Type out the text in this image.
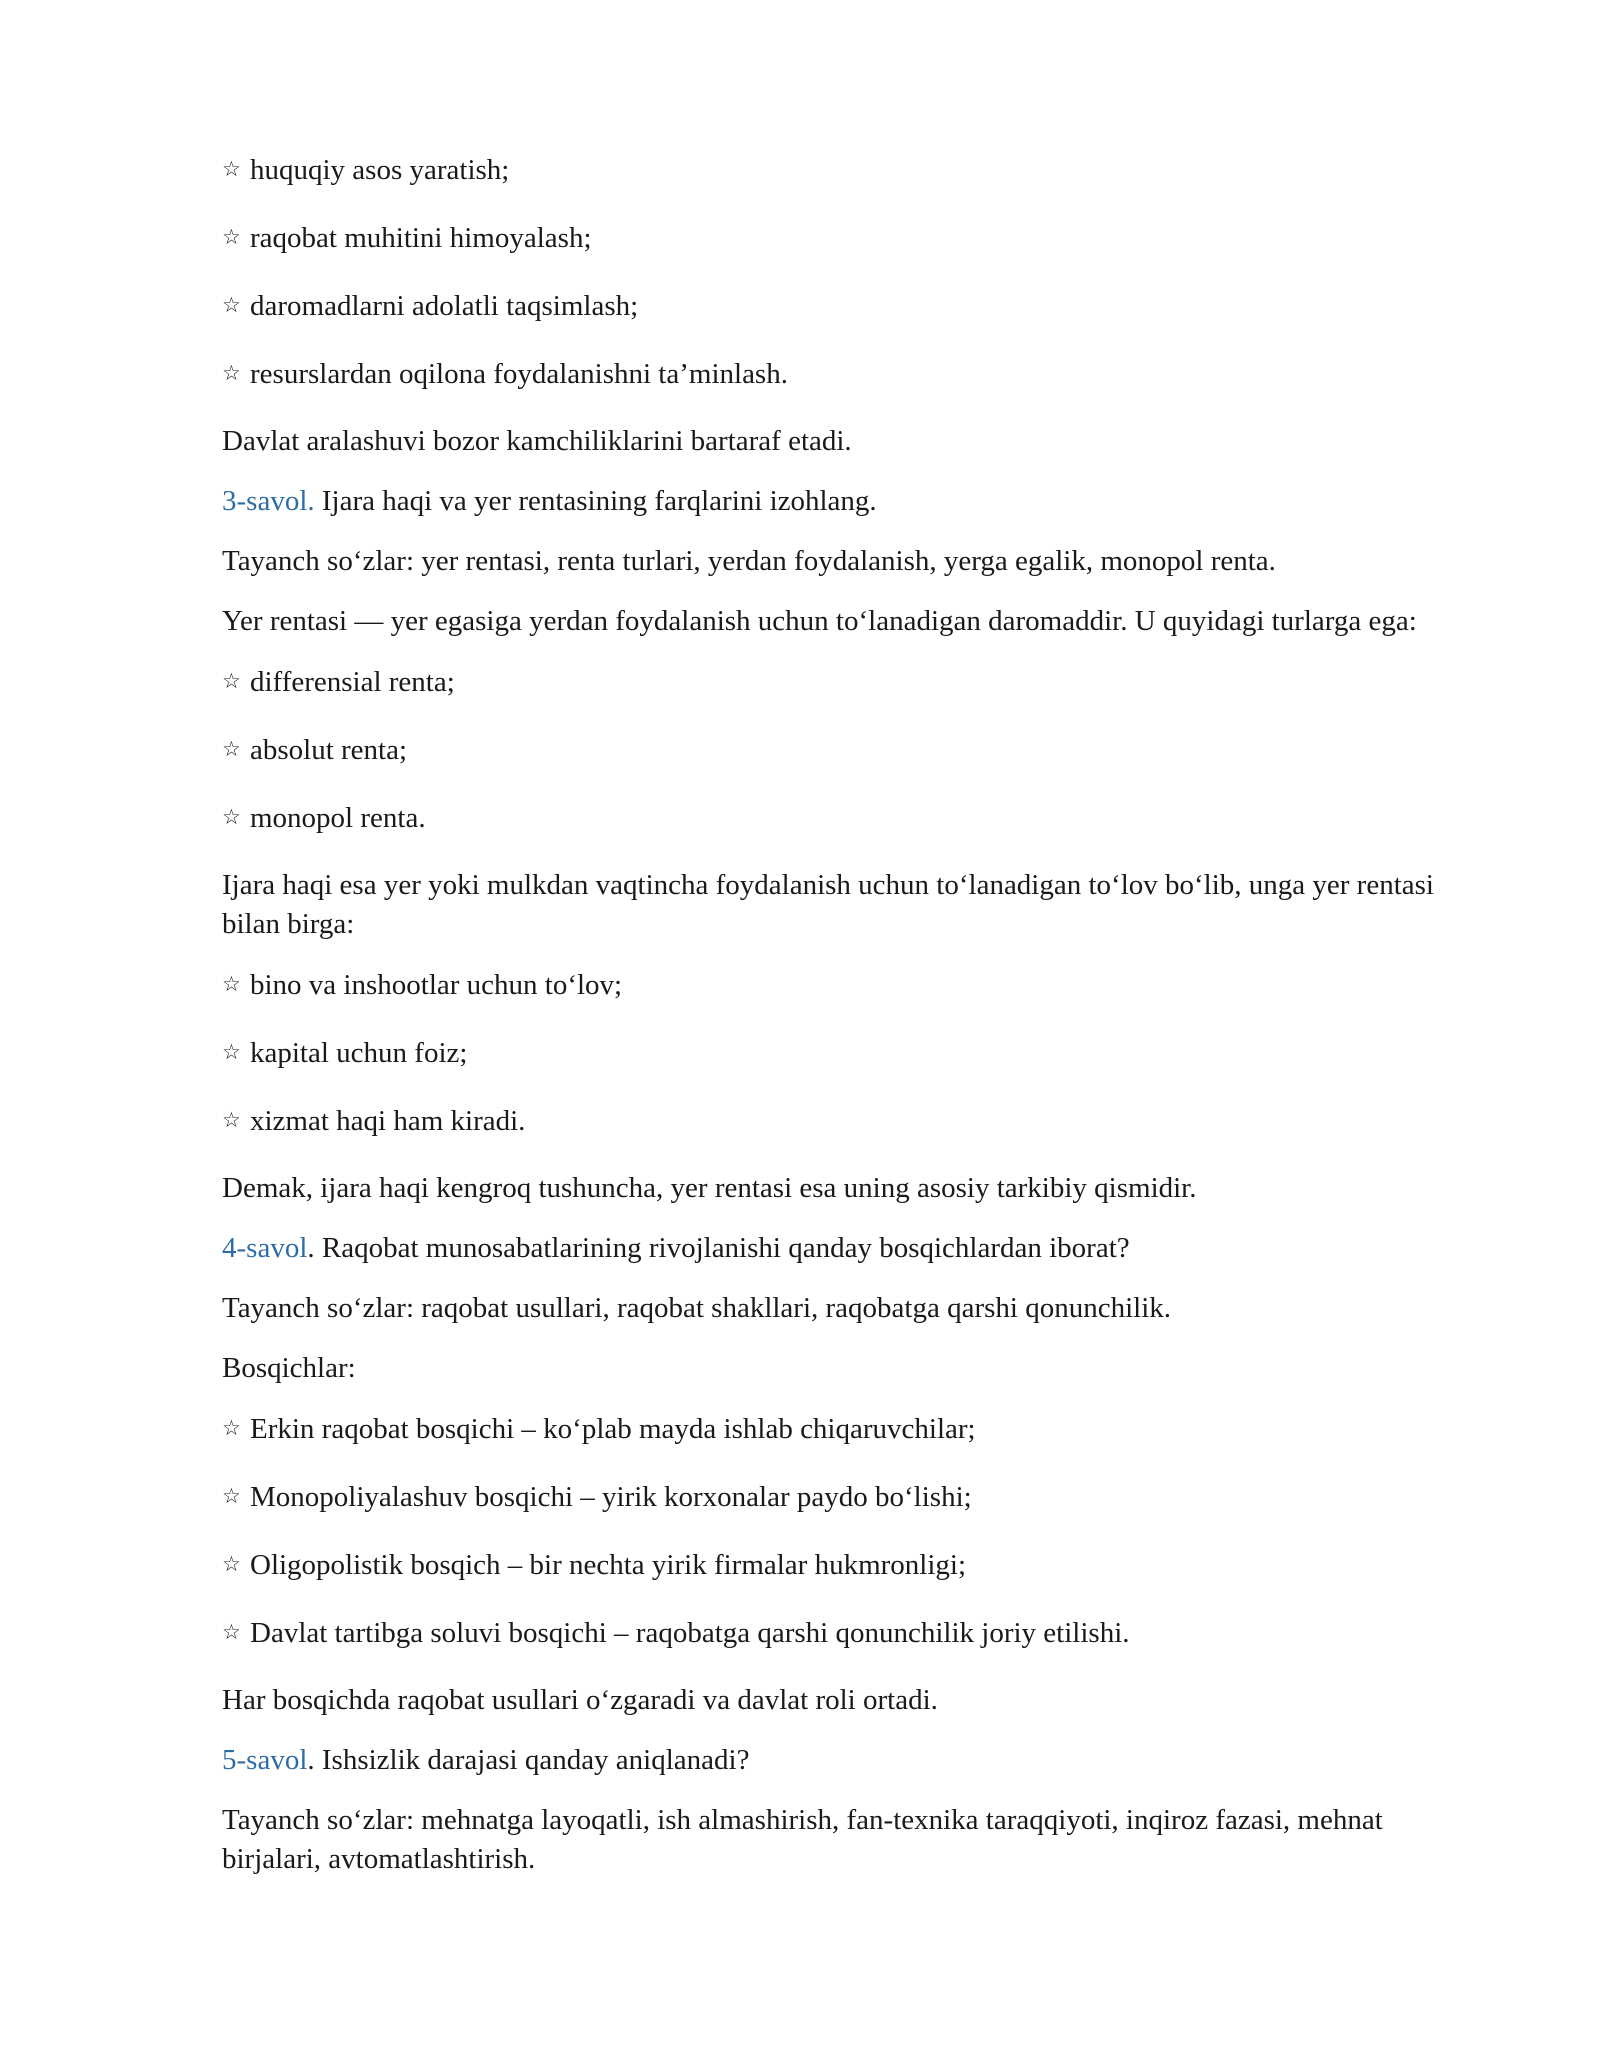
☆ huquqiy asos yaratish;

☆ raqobat muhitini himoyalash;

☆ daromadlarni adolatli taqsimlash;

☆ resurslardan oqilona foydalanishni ta’minlash.

Davlat aralashuvi bozor kamchiliklarini bartaraf etadi.

3-savol. Ijara haqi va yer rentasining farqlarini izohlang.

Tayanch so‘zlar: yer rentasi, renta turlari, yerdan foydalanish, yerga egalik, monopol renta.

Yer rentasi — yer egasiga yerdan foydalanish uchun to‘lanadigan daromaddir. U quyidagi turlarga ega:

☆ differensial renta;

☆ absolut renta;

☆ monopol renta.

Ijara haqi esa yer yoki mulkdan vaqtincha foydalanish uchun to‘lanadigan to‘lov bo‘lib, unga yer rentasi bilan birga:

☆ bino va inshootlar uchun to‘lov;

☆ kapital uchun foiz;

☆ xizmat haqi ham kiradi.

Demak, ijara haqi kengroq tushuncha, yer rentasi esa uning asosiy tarkibiy qismidir.

4-savol. Raqobat munosabatlarining rivojlanishi qanday bosqichlardan iborat?

Tayanch so‘zlar: raqobat usullari, raqobat shakllari, raqobatga qarshi qonunchilik.

Bosqichlar:

☆ Erkin raqobat bosqichi – ko‘plab mayda ishlab chiqaruvchilar;

☆ Monopoliyalashuv bosqichi – yirik korxonalar paydo bo‘lishi;

☆ Oligopolistik bosqich – bir nechta yirik firmalar hukmronligi;

☆ Davlat tartibga soluvi bosqichi – raqobatga qarshi qonunchilik joriy etilishi.

Har bosqichda raqobat usullari o‘zgaradi va davlat roli ortadi.

5-savol. Ishsizlik darajasi qanday aniqlanadi?

Tayanch so‘zlar: mehnatga layoqatli, ish almashirish, fan-texnika taraqqiyoti, inqiroz fazasi, mehnat birjalari, avtomatlashtirish.
